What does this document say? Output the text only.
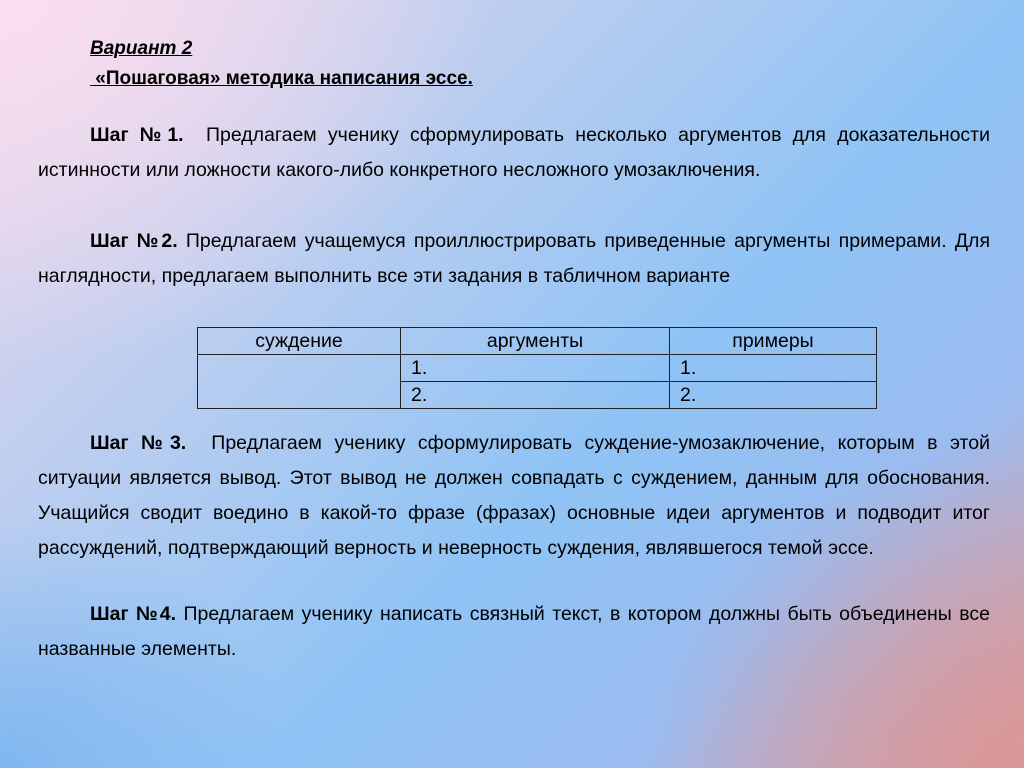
Вариант 2
«Пошаговая» методика написания эссе.

Шаг №1. Предлагаем ученику сформулировать несколько аргументов для доказательности истинности или ложности какого-либо конкретного несложного умозаключения.

Шаг №2. Предлагаем учащемуся проиллюстрировать приведенные аргументы примерами. Для наглядности, предлагаем выполнить все эти задания в табличном варианте

суждение	аргументы	примеры
	1.	1.
	2.	2.

Шаг №3. Предлагаем ученику сформулировать суждение-умозаключение, которым в этой ситуации является вывод. Этот вывод не должен совпадать с суждением, данным для обоснования. Учащийся сводит воедино в какой-то фразе (фразах) основные идеи аргументов и подводит итог рассуждений, подтверждающий верность и неверность суждения, являвшегося темой эссе.

Шаг №4. Предлагаем ученику написать связный текст, в котором должны быть объединены все названные элементы.
